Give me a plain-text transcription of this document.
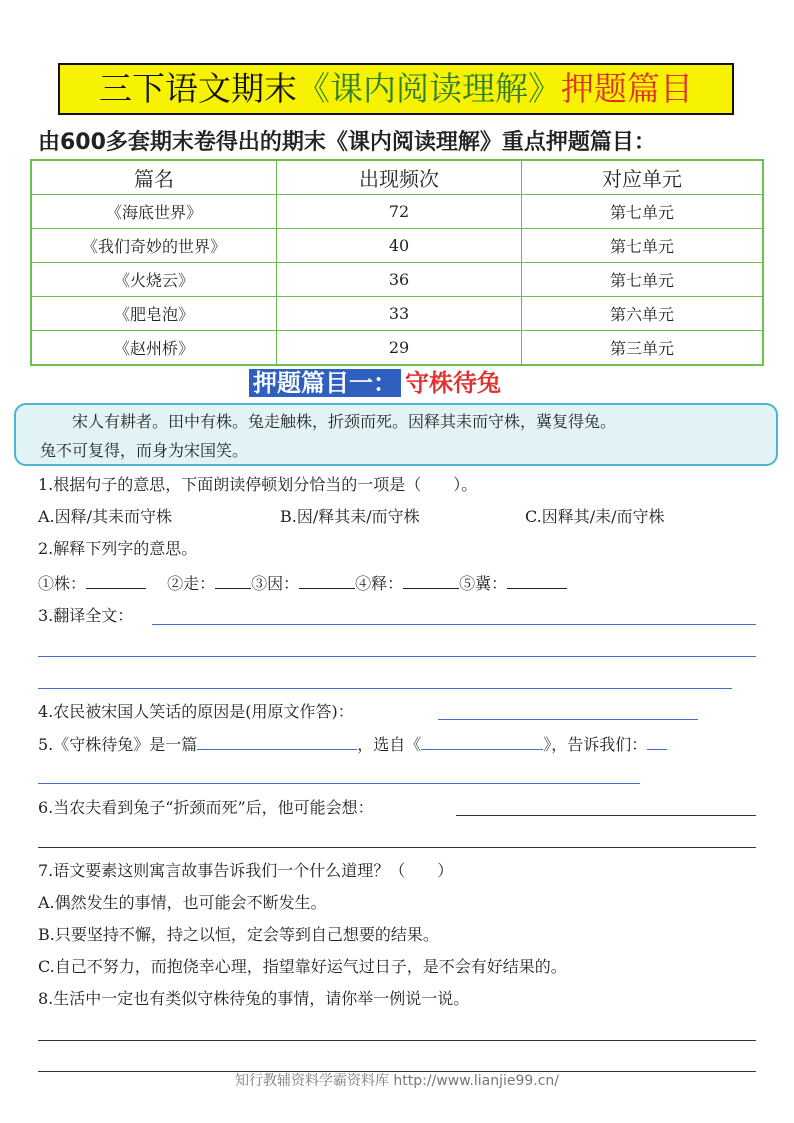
三下语文期末《课内阅读理解》押题篇目
由600多套期末卷得出的期末《课内阅读理解》重点押题篇目：
篇名	出现频次	对应单元
《海底世界》	72	第七单元
《我们奇妙的世界》	40	第七单元
《火烧云》	36	第七单元
《肥皂泡》	33	第六单元
《赵州桥》	29	第三单元
押题篇目一： 守株待兔
宋人有耕者。田中有株。兔走触株，折颈而死。因释其耒而守株，冀复得兔。
兔不可复得，而身为宋国笑。
1.根据句子的意思，下面朗读停顿划分恰当的一项是（　　）。
A.因释/其耒而守株	B.因/释其耒/而守株	C.因释其/耒/而守株
2.解释下列字的意思。
①株：	②走： ③因：	④释：	⑤冀：
3.翻译全文：
4.农民被宋国人笑话的原因是(用原文作答)：
5.《守株待兔》是一篇	，选自《	》，告诉我们：
6.当农夫看到兔子“折颈而死”后，他可能会想：
7.语文要素这则寓言故事告诉我们一个什么道理？（　　）
A.偶然发生的事情，也可能会不断发生。
B.只要坚持不懈，持之以恒，定会等到自己想要的结果。
C.自己不努力，而抱侥幸心理，指望靠好运气过日子，是不会有好结果的。
8.生活中一定也有类似守株待兔的事情，请你举一例说一说。
知行教辅资料学霸资料库 http://www.lianjie99.cn/
